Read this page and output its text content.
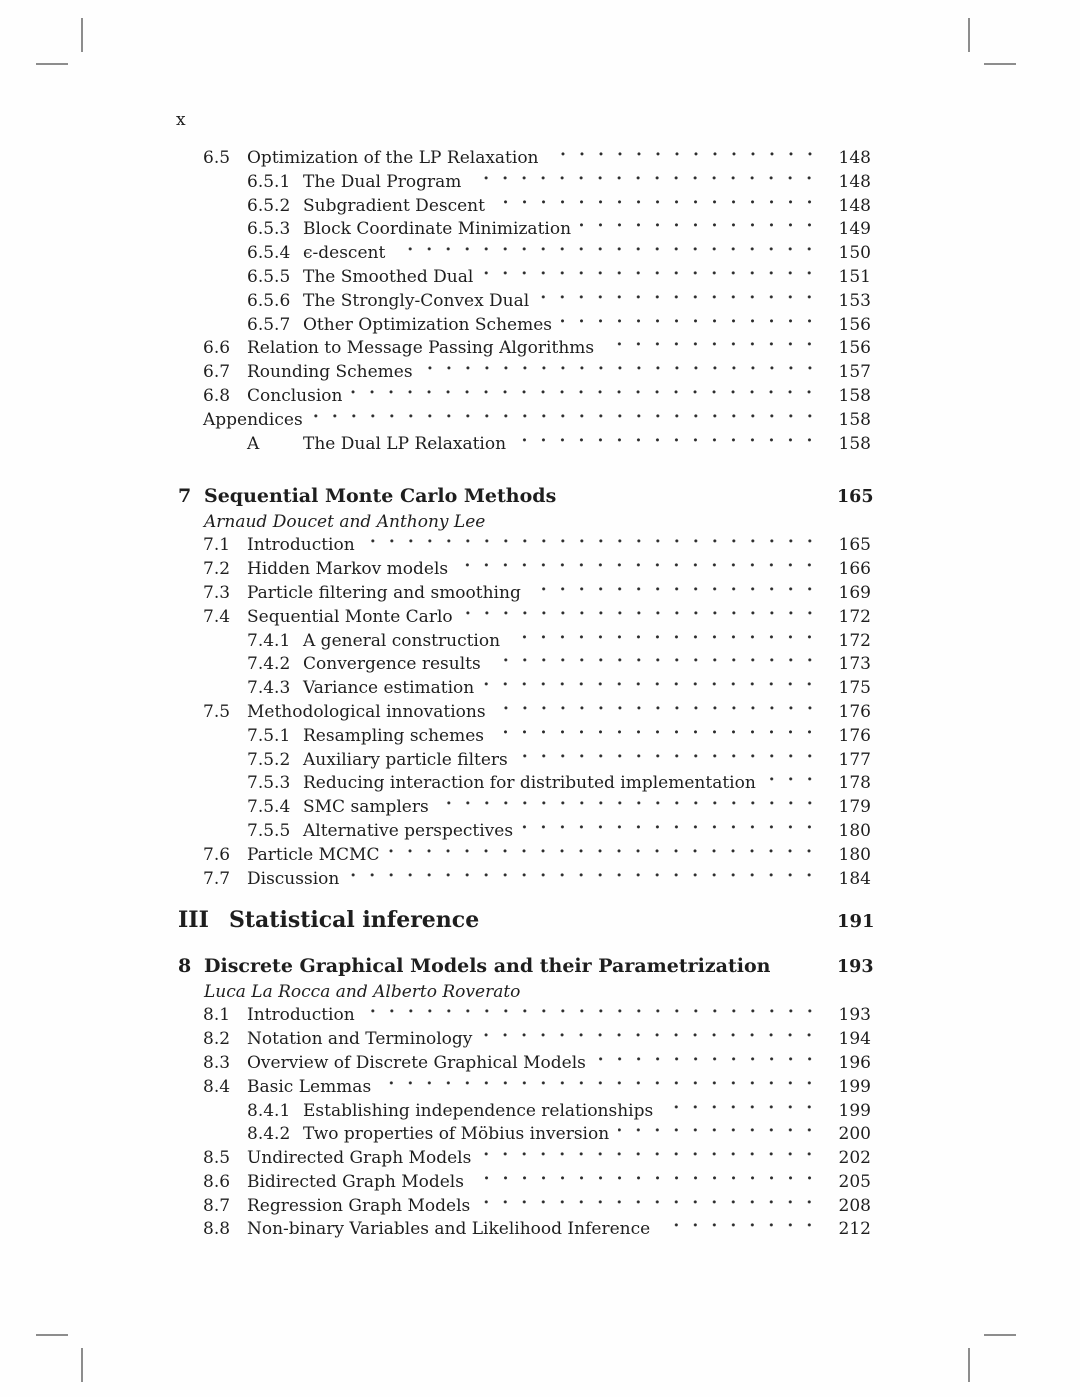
x
6.5 Optimization of the LP Relaxation	148
6.5.1 The Dual Program	148
6.5.2 Subgradient Descent	148
6.5.3 Block Coordinate Minimization	149
6.5.4 ϵ-descent	150
6.5.5 The Smoothed Dual	151
6.5.6 The Strongly-Convex Dual	153
6.5.7 Other Optimization Schemes	156
6.6 Relation to Message Passing Algorithms	156
6.7 Rounding Schemes	157
6.8 Conclusion	158
Appendices	158
A	The Dual LP Relaxation	158
7 Sequential Monte Carlo Methods	165
Arnaud Doucet and Anthony Lee
7.1 Introduction	165
7.2 Hidden Markov models	166
7.3 Particle filtering and smoothing	169
7.4 Sequential Monte Carlo	172
7.4.1 A general construction	172
7.4.2 Convergence results	173
7.4.3 Variance estimation	175
7.5 Methodological innovations	176
7.5.1 Resampling schemes	176
7.5.2 Auxiliary particle filters	177
7.5.3 Reducing interaction for distributed implementation	178
7.5.4 SMC samplers	179
7.5.5 Alternative perspectives	180
7.6 Particle MCMC	180
7.7 Discussion	184
III Statistical inference	191
8 Discrete Graphical Models and their Parametrization	193
Luca La Rocca and Alberto Roverato
8.1 Introduction	193
8.2 Notation and Terminology	194
8.3 Overview of Discrete Graphical Models	196
8.4 Basic Lemmas	199
8.4.1 Establishing independence relationships	199
8.4.2 Two properties of Möbius inversion	200
8.5 Undirected Graph Models	202
8.6 Bidirected Graph Models	205
8.7 Regression Graph Models	208
8.8 Non-binary Variables and Likelihood Inference	212
